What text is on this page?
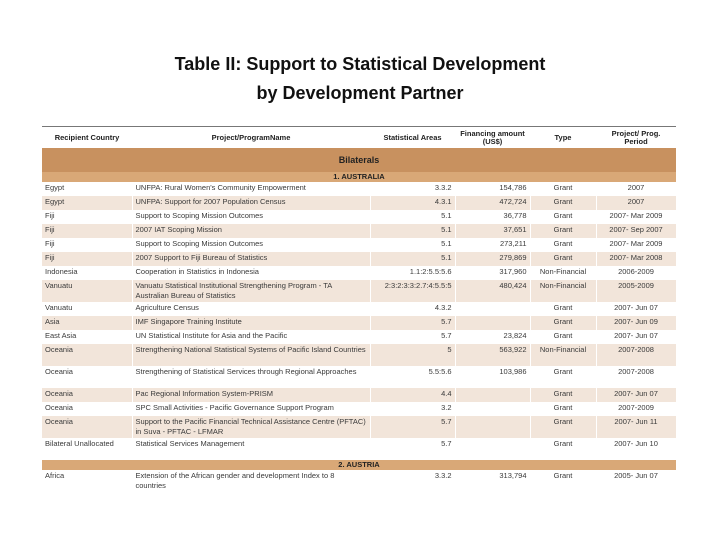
Table II: Support to Statistical Development
by Development Partner
Recipient Country	Project/ProgramName	Statistical Areas	Financing amount (US$)	Type	Project/ Prog. Period
Bilaterals					
1. AUSTRALIA					
Egypt	UNFPA: Rural Women's Community Empowerment	3.3.2	154,786	Grant	2007
Egypt	UNFPA: Support for 2007 Population Census	4.3.1	472,724	Grant	2007
Fiji	Support to Scoping Mission Outcomes	5.1	36,778	Grant	2007- Mar 2009
Fiji	2007 IAT Scoping Mission	5.1	37,651	Grant	2007- Sep 2007
Fiji	Support to Scoping Mission Outcomes	5.1	273,211	Grant	2007- Mar 2009
Fiji	2007 Support to Fiji Bureau of Statistics	5.1	279,869	Grant	2007- Mar 2008
Indonesia	Cooperation in Statistics in Indonesia	1.1:2:5.5:5.6	317,960	Non-Financial	2006-2009
Vanuatu	Vanuatu Statistical Institutional Strengthening Program - TA Australian Bureau of Statistics	2:3:2:3:3:2.7:4:5.5:5	480,424	Non-Financial	2005-2009
Vanuatu	Agriculture Census	4.3.2		Grant	2007- Jun 07
Asia	IMF Singapore Training Institute	5.7		Grant	2007- Jun 09
East Asia	UN Statistical Institute for Asia and the Pacific	5.7	23,824	Grant	2007- Jun 07
Oceania	Strengthening National Statistical Systems of Pacific Island Countries	5	563,922	Non-Financial	2007-2008
Oceania	Strengthening of Statistical Services through Regional Approaches	5.5:5.6	103,986	Grant	2007-2008
Oceania	Pac Regional Information System-PRISM	4.4		Grant	2007- Jun 07
Oceania	SPC Small Activities - Pacific Governance Support Program	3.2		Grant	2007-2009
Oceania	Support to the Pacific Financial Technical Assistance Centre (PFTAC) in Suva - PFTAC - LFMAR	5.7		Grant	2007- Jun 11
Bilateral Unallocated	Statistical Services Management	5.7		Grant	2007- Jun 10
2. AUSTRIA					
Africa	Extension of the African gender and development Index to 8 countries	3.3.2	313,794	Grant	2005- Jun 07
